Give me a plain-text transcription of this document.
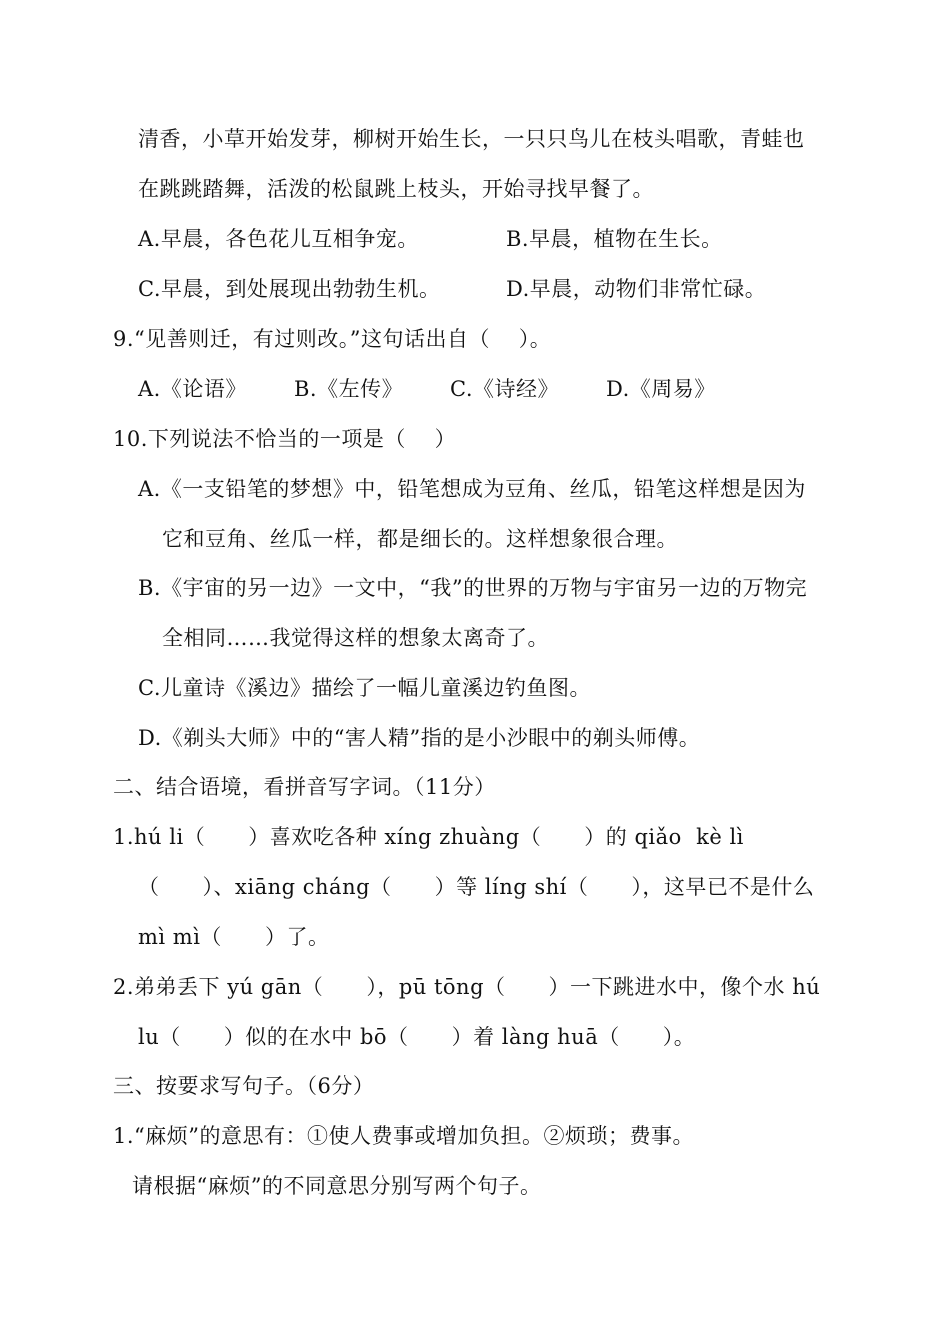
清香，小草开始发芽，柳树开始生长，一只只鸟儿在枝头唱歌，青蛙也
在跳跳踏舞，活泼的松鼠跳上枝头，开始寻找早餐了。
A.早晨，各色花儿互相争宠。	B.早晨，植物在生长。
C.早晨，到处展现出勃勃生机。	D.早晨，动物们非常忙碌。
9.“见善则迁，有过则改。”这句话出自（    ）。
A.《论语》 B.《左传》 C.《诗经》 D.《周易》
10.下列说法不恰当的一项是（    ）
A.《一支铅笔的梦想》中，铅笔想成为豆角、丝瓜，铅笔这样想是因为
它和豆角、丝瓜一样，都是细长的。这样想象很合理。
B.《宇宙的另一边》一文中，“我”的世界的万物与宇宙另一边的万物完
全相同……我觉得这样的想象太离奇了。
C.儿童诗《溪边》描绘了一幅儿童溪边钓鱼图。
D.《剃头大师》中的“害人精”指的是小沙眼中的剃头师傅。
二、结合语境，看拼音写字词。（11分）
1.hú li（      ）喜欢吃各种 xíng zhuàng（      ）的 qiǎo  kè lì
（      ）、xiāng cháng（      ）等 líng shí（      ），这早已不是什么
mì mì（      ）了。
2.弟弟丢下 yú gān（      ），pū tōng（      ）一下跳进水中，像个水 hú
lu（      ）似的在水中 bō（      ）着 làng huā（      ）。
三、按要求写句子。（6分）
1.“麻烦”的意思有：①使人费事或增加负担。②烦琐；费事。
请根据“麻烦”的不同意思分别写两个句子。
